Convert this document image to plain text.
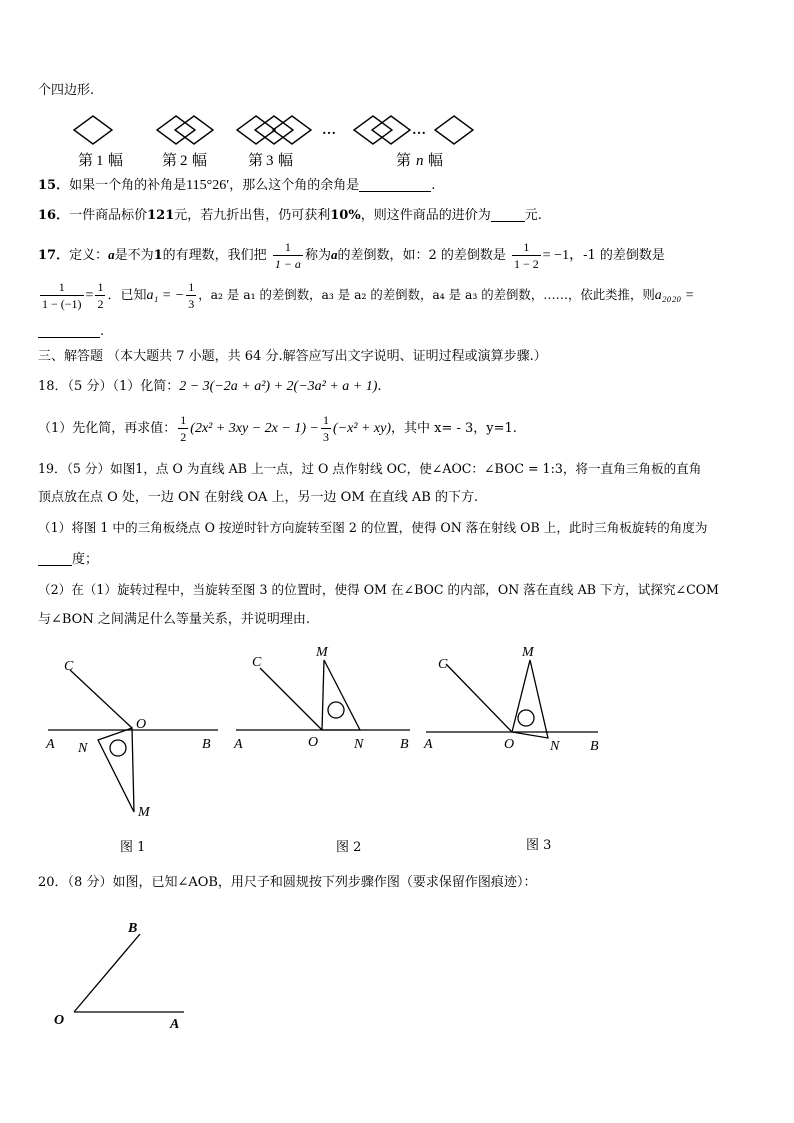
个四边形.
…	…
第 1 幅	第 2 幅	第 3 幅	第 n 幅
15．如果一个角的补角是115°26′，那么这个角的余角是	.
16．一件商品标价121元，若九折出售，仍可获利10%，则这件商品的进价为	元.
17．定义：a是不为1的有理数，我们把 $\frac{1}{1 - a}$ 称为a的差倒数，如：2 的差倒数是 $\frac{1}{1 - 2} = -1$，-1 的差倒数是
$\frac{1}{1 - (-1)} = \frac{1}{2}$ ．已知a₁ = − $\frac{1}{3}$ ，a₂ 是 a₁ 的差倒数，a₃ 是 a₂ 的差倒数，a₄ 是 a₃ 的差倒数，……，依此类推，则a₂₀₂₀ =
.
三、解答题 （本大题共 7 小题，共 64 分.解答应写出文字说明、证明过程或演算步骤.）
18．（5 分）（1）化简：2 − 3(−2a + a²) + 2(−3a² + a + 1).
（1）先化简，再求值： $\frac{1}{2} (2x^2 + 3xy - 2x - 1) - \frac{1}{3} (-x^2 + xy)$，其中 x= - 3，y=1.
19．（5 分）如图1，点 O 为直线 AB 上一点，过 O 点作射线 OC，使∠AOC：∠BOC = 1:3，将一直角三角板的直角
顶点放在点 O 处，一边 ON 在射线 OA 上，另一边 OM 在直线 AB 的下方.
（1）将图 1 中的三角板绕点 O 按逆时针方向旋转至图 2 的位置，使得 ON 落在射线 OB 上，此时三角板旋转的角度为
度；
（2）在（1）旋转过程中，当旋转至图 3 的位置时，使得 OM 在∠BOC 的内部，ON 落在直线 AB 下方，试探究∠COM
与∠BON 之间满足什么等量关系，并说明理由.
C
O
A N	B
M
图 1
C
M
O	N
A	B
图 2
C
M
O	N
A	B
图 3
20．（8 分）如图，已知∠AOB，用尺子和圆规按下列步骤作图（要求保留作图痕迹）：
B
O	A
